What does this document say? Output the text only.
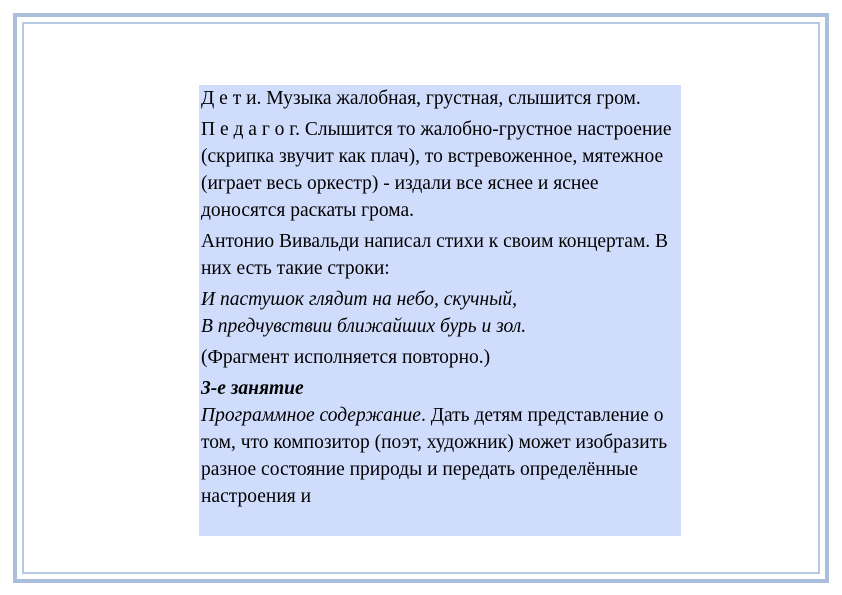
Д е т и. Музыка жалобная, грустная, слышится гром.

П е д а г о г. Слышится то жалобно-грустное настроение (скрипка звучит как плач), то встревоженное, мятежное (играет весь оркестр) - издали все яснее и яснее доносятся раскаты грома.

Антонио Вивальди написал стихи к своим концертам. В них есть такие строки:

И пастушок глядит на небо, скучный,
В предчувствии ближайших бурь и зол.

(Фрагмент исполняется повторно.)

3-е занятие

Программное содержание. Дать детям представление о том, что композитор (поэт, художник) может изобразить разное состояние природы и передать определённые настроения и
